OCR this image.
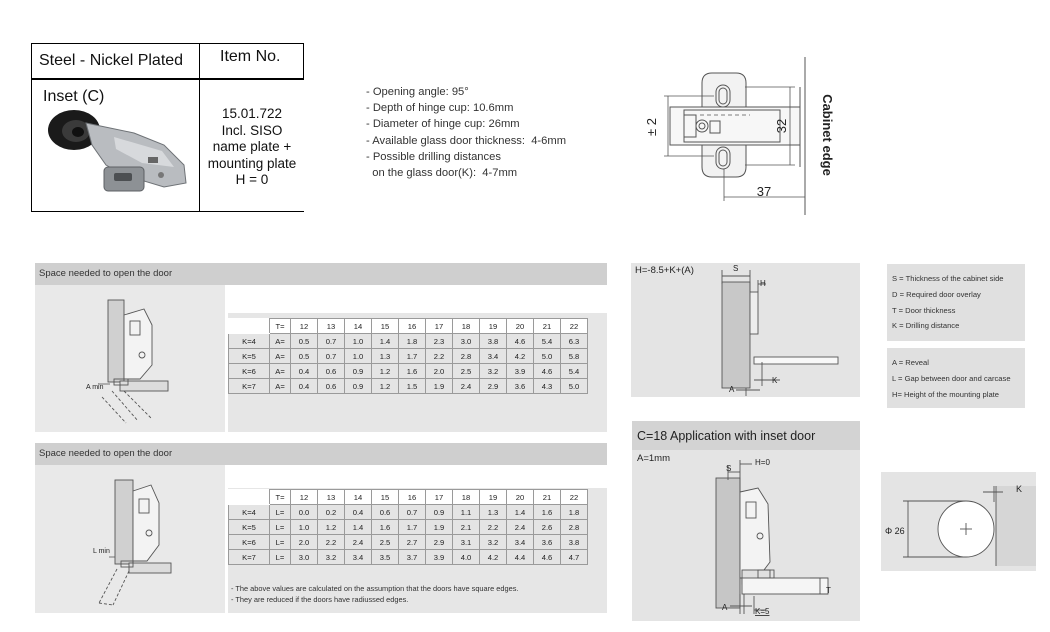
Steel - Nickel Plated Item No.
Inset (C)
15.01.722
Incl. SISO
name plate +
mounting plate
H = 0
- Opening angle: 95°
- Depth of hinge cup: 10.6mm
- Diameter of hinge cup: 26mm
- Available glass door thickness:  4-6mm
- Possible drilling distances
on the glass door(K):  4-7mm
± 2	32
37
Cabinet edge
Space needed to open the door
A min
	T=	12	13	14	15	16	17	18	19	20	21	22
K=4	A=	0.5	0.7	1.0	1.4	1.8	2.3	3.0	3.8	4.6	5.4	6.3
K=5	A=	0.5	0.7	1.0	1.3	1.7	2.2	2.8	3.4	4.2	5.0	5.8
K=6	A=	0.4	0.6	0.9	1.2	1.6	2.0	2.5	3.2	3.9	4.6	5.4
K=7	A=	0.4	0.6	0.9	1.2	1.5	1.9	2.4	2.9	3.6	4.3	5.0
Space needed to open the door
L min
	T=	12	13	14	15	16	17	18	19	20	21	22
K=4	L=	0.0	0.2	0.4	0.6	0.7	0.9	1.1	1.3	1.4	1.6	1.8
K=5	L=	1.0	1.2	1.4	1.6	1.7	1.9	2.1	2.2	2.4	2.6	2.8
K=6	L=	2.0	2.2	2.4	2.5	2.7	2.9	3.1	3.2	3.4	3.6	3.8
K=7	L=	3.0	3.2	3.4	3.5	3.7	3.9	4.0	4.2	4.4	4.6	4.7
- The above values are calculated on the assumption that the doors have square edges.
- They are reduced if the doors have radiussed edges.
H=-8.5+K+(A)	S
H
K
A
S = Thickness of the cabinet side
D = Required door overlay
T = Door thickness
K = Drilling distance
A = Reveal
L = Gap between door and carcase
H= Height of the mounting plate
C=18 Application with inset door
A=1mm
S
H=0
T
A	K=5
Φ 26
K
